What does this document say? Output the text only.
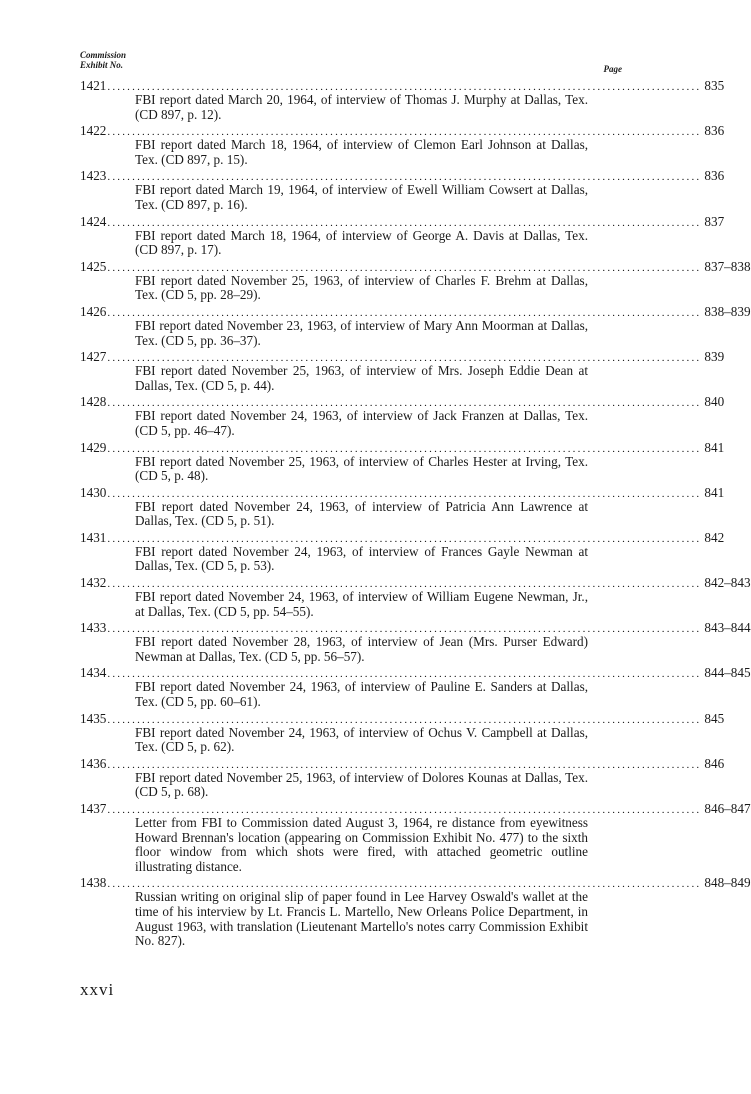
Commission
Exhibit No.	Page
1421 ........................................................................................................................ 835
FBI report dated March 20, 1964, of interview of Thomas J. Murphy at Dallas, Tex. (CD 897, p. 12).
1422 ........................................................................................................................ 836
FBI report dated March 18, 1964, of interview of Clemon Earl Johnson at Dallas, Tex. (CD 897, p. 15).
1423 ........................................................................................................................ 836
FBI report dated March 19, 1964, of interview of Ewell William Cowsert at Dallas, Tex. (CD 897, p. 16).
1424 ........................................................................................................................ 837
FBI report dated March 18, 1964, of interview of George A. Davis at Dallas, Tex. (CD 897, p. 17).
1425 ........................................................................................................................ 837–838
FBI report dated November 25, 1963, of interview of Charles F. Brehm at Dallas, Tex. (CD 5, pp. 28–29).
1426 ........................................................................................................................ 838–839
FBI report dated November 23, 1963, of interview of Mary Ann Moorman at Dallas, Tex. (CD 5, pp. 36–37).
1427 ........................................................................................................................ 839
FBI report dated November 25, 1963, of interview of Mrs. Joseph Eddie Dean at Dallas, Tex. (CD 5, p. 44).
1428 ........................................................................................................................ 840
FBI report dated November 24, 1963, of interview of Jack Franzen at Dallas, Tex. (CD 5, pp. 46–47).
1429 ........................................................................................................................ 841
FBI report dated November 25, 1963, of interview of Charles Hester at Irving, Tex. (CD 5, p. 48).
1430 ........................................................................................................................ 841
FBI report dated November 24, 1963, of interview of Patricia Ann Lawrence at Dallas, Tex. (CD 5, p. 51).
1431 ........................................................................................................................ 842
FBI report dated November 24, 1963, of interview of Frances Gayle Newman at Dallas, Tex. (CD 5, p. 53).
1432 ........................................................................................................................ 842–843
FBI report dated November 24, 1963, of interview of William Eugene Newman, Jr., at Dallas, Tex. (CD 5, pp. 54–55).
1433 ........................................................................................................................ 843–844
FBI report dated November 28, 1963, of interview of Jean (Mrs. Purser Edward) Newman at Dallas, Tex. (CD 5, pp. 56–57).
1434 ........................................................................................................................ 844–845
FBI report dated November 24, 1963, of interview of Pauline E. Sanders at Dallas, Tex. (CD 5, pp. 60–61).
1435 ........................................................................................................................ 845
FBI report dated November 24, 1963, of interview of Ochus V. Campbell at Dallas, Tex. (CD 5, p. 62).
1436 ........................................................................................................................ 846
FBI report dated November 25, 1963, of interview of Dolores Kounas at Dallas, Tex. (CD 5, p. 68).
1437 ........................................................................................................................ 846–847
Letter from FBI to Commission dated August 3, 1964, re distance from eyewitness Howard Brennan's location (appearing on Commission Exhibit No. 477) to the sixth floor window from which shots were fired, with attached geometric outline illustrating distance.
1438 ........................................................................................................................ 848–849
Russian writing on original slip of paper found in Lee Harvey Oswald's wallet at the time of his interview by Lt. Francis L. Martello, New Orleans Police Department, in August 1963, with translation (Lieutenant Martello's notes carry Commission Exhibit No. 827).
xxvi
